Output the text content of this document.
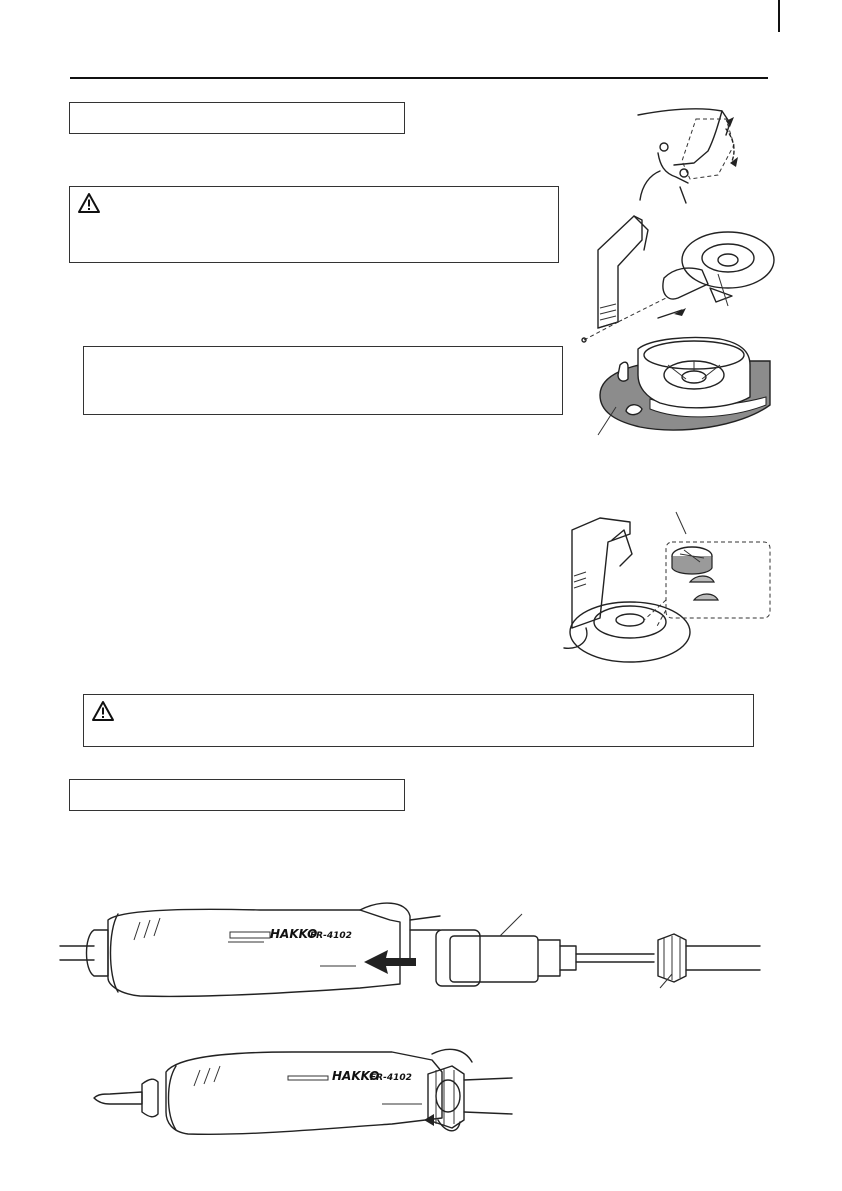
HAKKO
FR-4102
HAKKO
FR-4102
